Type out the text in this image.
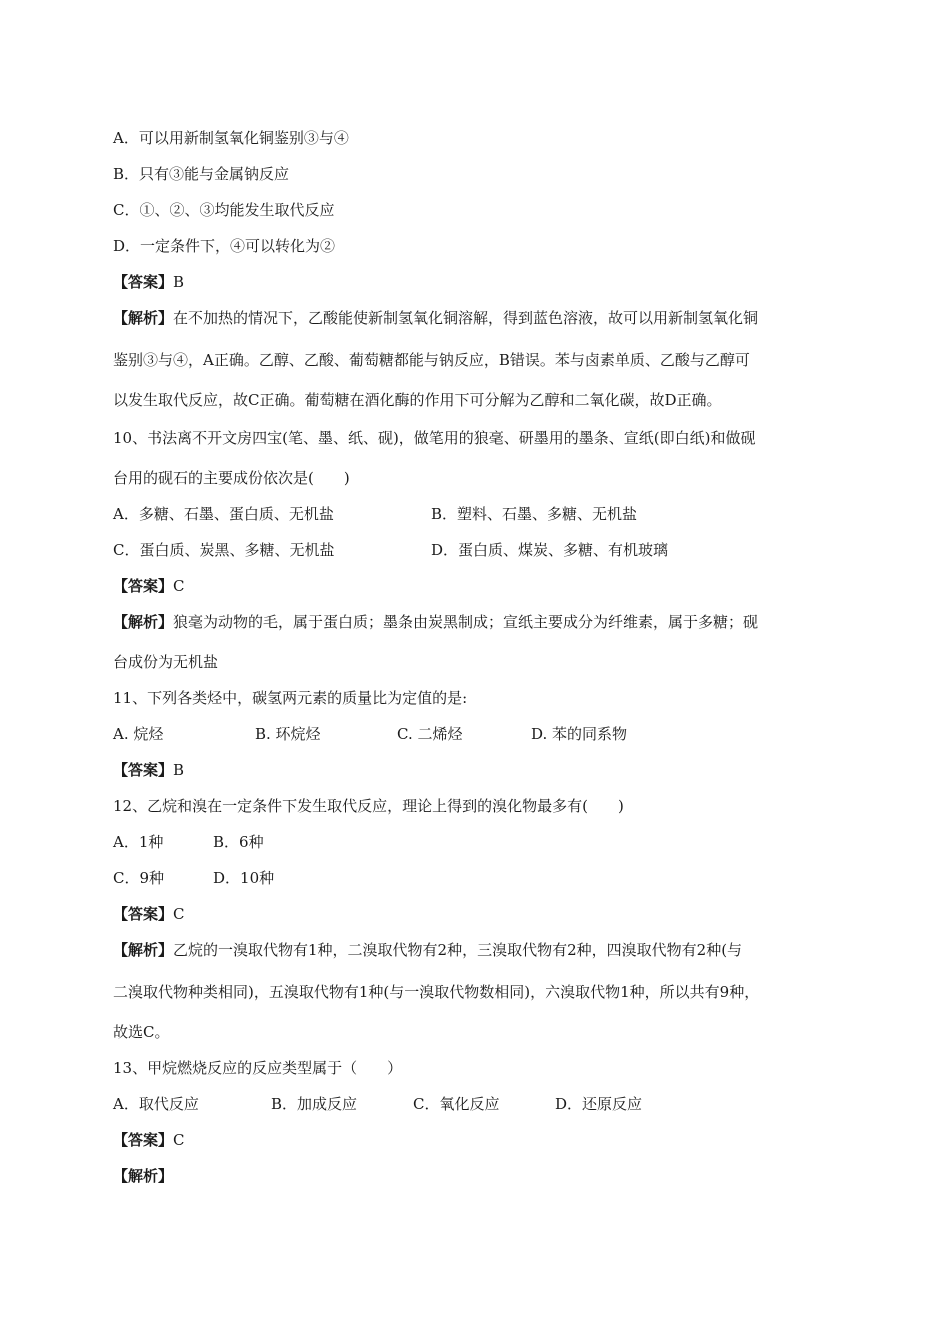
A．可以用新制氢氧化铜鉴别③与④
B．只有③能与金属钠反应
C．①、②、③均能发生取代反应
D．一定条件下，④可以转化为②
【答案】B
【解析】在不加热的情况下，乙酸能使新制氢氧化铜溶解，得到蓝色溶液，故可以用新制氢氧化铜
鉴别③与④，A正确。乙醇、乙酸、葡萄糖都能与钠反应，B错误。苯与卤素单质、乙酸与乙醇可
以发生取代反应，故C正确。葡萄糖在酒化酶的作用下可分解为乙醇和二氧化碳，故D正确。
10、书法离不开文房四宝(笔、墨、纸、砚)，做笔用的狼毫、研墨用的墨条、宣纸(即白纸)和做砚
台用的砚石的主要成份依次是(　　)
A．多糖、石墨、蛋白质、无机盐	B．塑料、石墨、多糖、无机盐
C．蛋白质、炭黑、多糖、无机盐	D．蛋白质、煤炭、多糖、有机玻璃
【答案】C
【解析】狼毫为动物的毛，属于蛋白质；墨条由炭黑制成；宣纸主要成分为纤维素，属于多糖；砚
台成份为无机盐
11、下列各类烃中，碳氢两元素的质量比为定值的是:
A. 烷烃	B. 环烷烃	C. 二烯烃	D. 苯的同系物
【答案】B
12、乙烷和溴在一定条件下发生取代反应，理论上得到的溴化物最多有(　　)
A．1种	B．6种
C．9种	D．10种
【答案】C
【解析】乙烷的一溴取代物有1种，二溴取代物有2种，三溴取代物有2种，四溴取代物有2种(与
二溴取代物种类相同)，五溴取代物有1种(与一溴取代物数相同)，六溴取代物1种，所以共有9种，
故选C。
13、甲烷燃烧反应的反应类型属于（　　）
A．取代反应	B．加成反应	C．氧化反应	D．还原反应
【答案】C
【解析】
